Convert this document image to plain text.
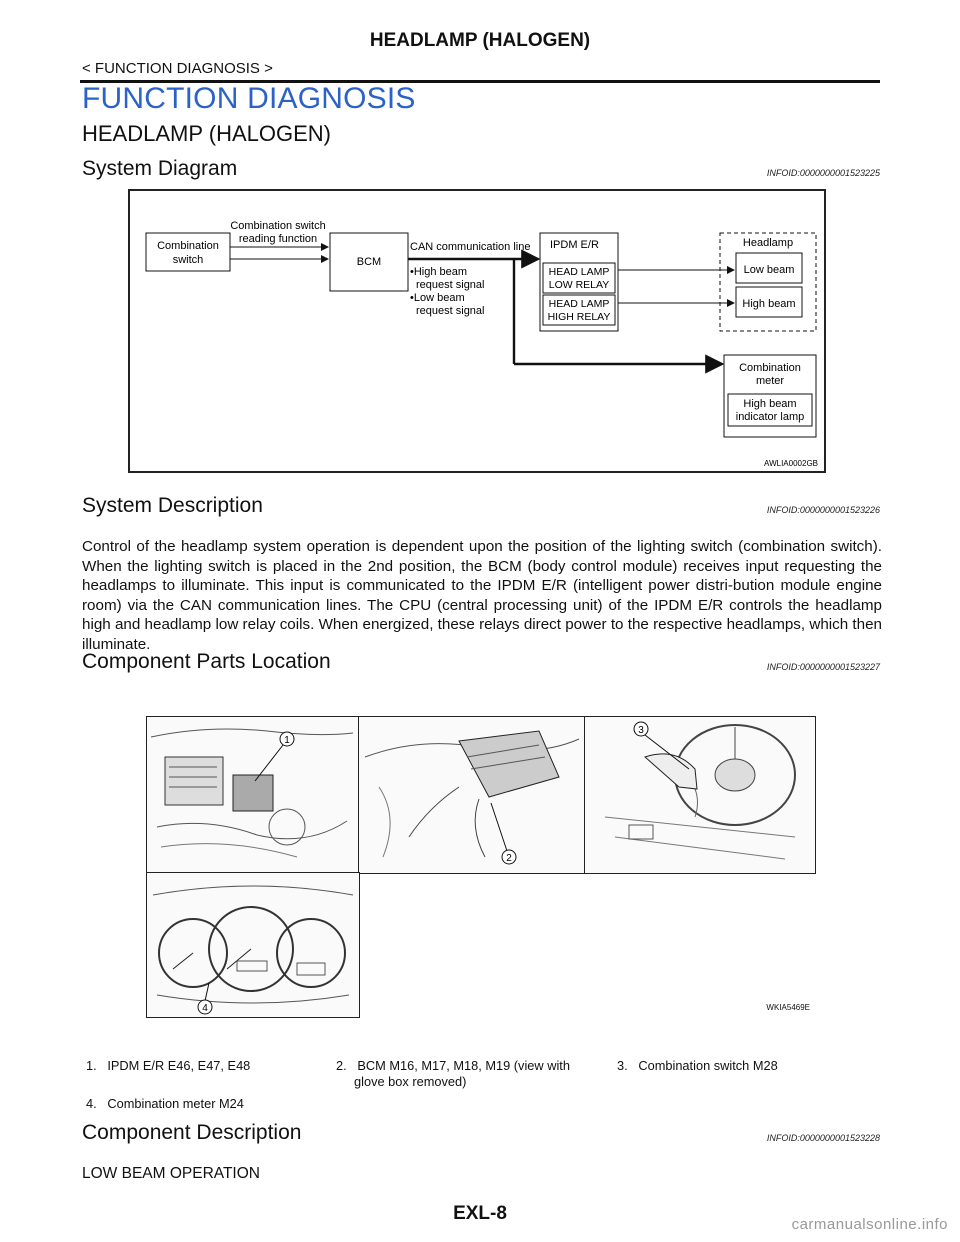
HEADLAMP (HALOGEN)
< FUNCTION DIAGNOSIS >
FUNCTION DIAGNOSIS
HEADLAMP (HALOGEN)
System Diagram	INFOID:0000000001523225
Combination
switch
Combination switch
reading function
BCM
CAN communication line
•High beam
request signal
•Low beam
request signal
IPDM E/R
HEAD LAMP
LOW RELAY
HEAD LAMP
HIGH RELAY
Headlamp
Low beam
High beam
Combination
meter
High beam
indicator lamp
AWLIA0002GB
System Description	INFOID:0000000001523226
Control of the headlamp system operation is dependent upon the position of the lighting switch (combination switch). When the lighting switch is placed in the 2nd position, the BCM (body control module) receives input requesting the headlamps to illuminate. This input is communicated to the IPDM E/R (intelligent power distri-bution module engine room) via the CAN communication lines. The CPU (central processing unit) of the IPDM E/R controls the headlamp high and headlamp low relay coils. When energized, these relays direct power to the respective headlamps, which then illuminate.
Component Parts Location	INFOID:0000000001523227
1
2
3
4	WKIA5469E
1.   IPDM E/R E46, E47, E48	2.   BCM M16, M17, M18, M19 (view with
glove box removed)
3.   Combination switch M28
4.   Combination meter M24
Component Description	INFOID:0000000001523228
LOW BEAM OPERATION
EXL-8
carmanualsonline.info
